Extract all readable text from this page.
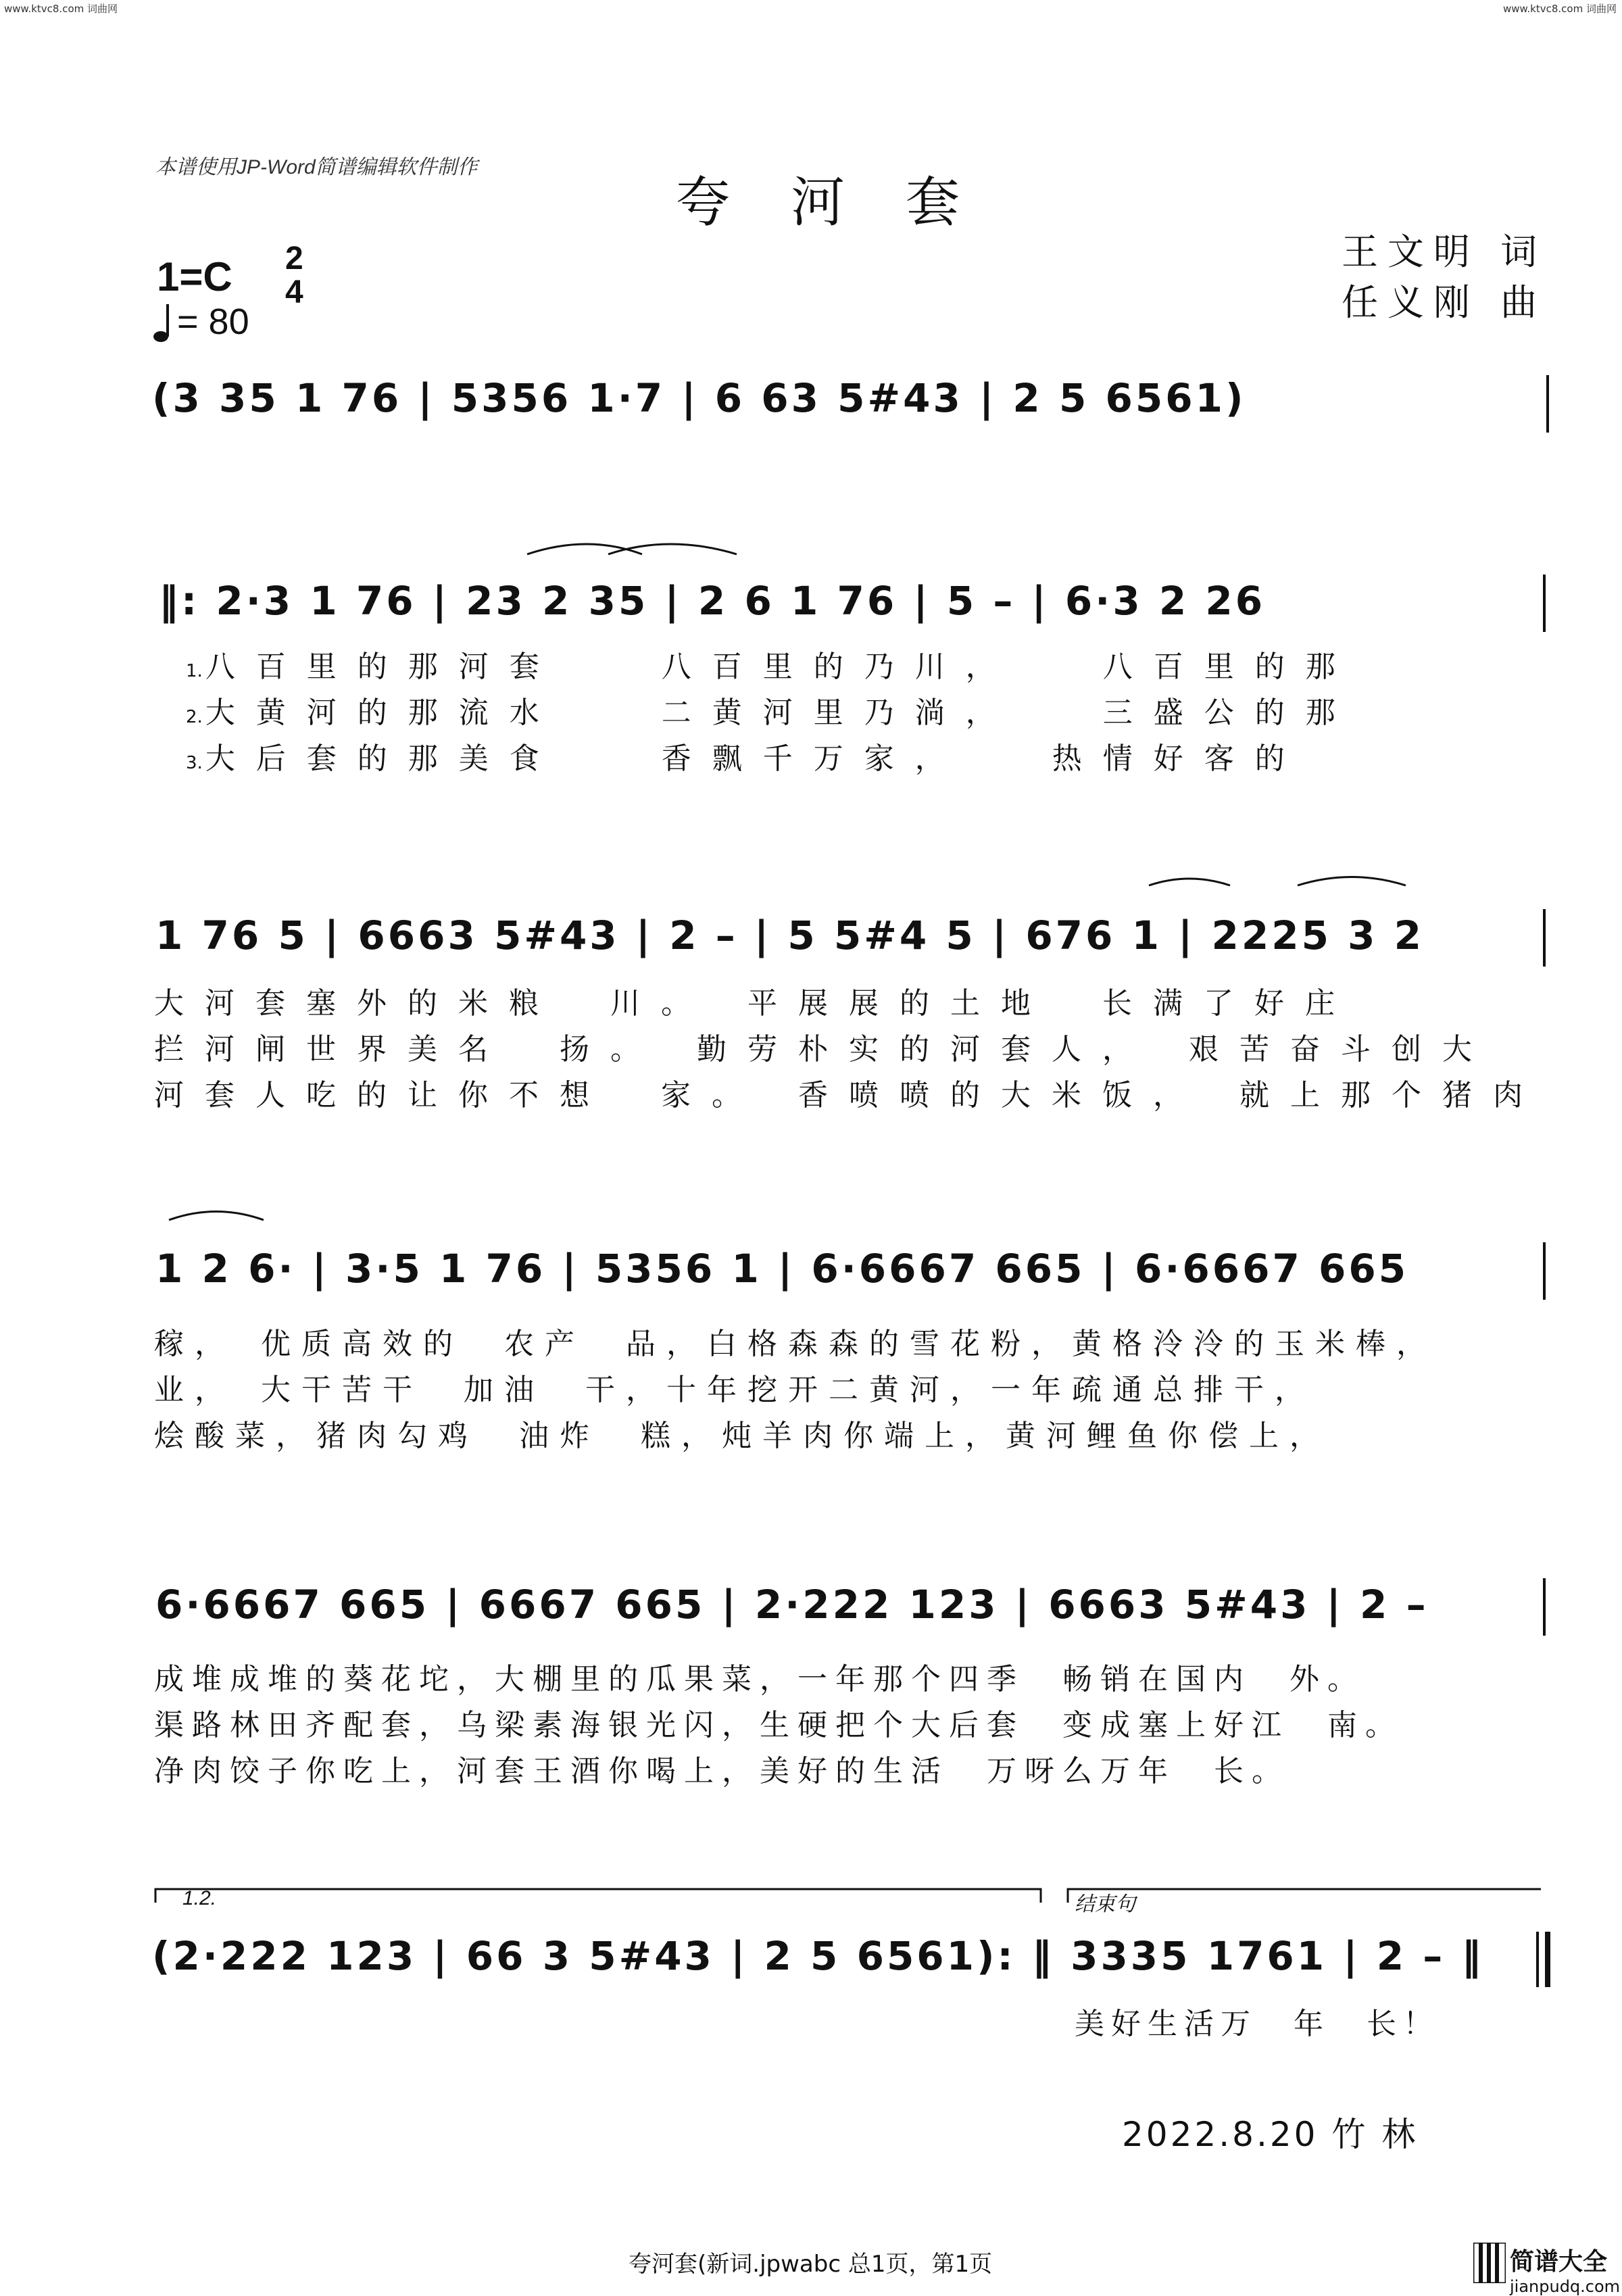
www.ktvc8.com 词曲网	www.ktvc8.com 词曲网
本谱使用JP-Word简谱编辑软件制作
夸河套
王文明 词
任义刚 曲
1=C 2
4
= 80
(3 35 1 76 | 5356 1·7 | 6 63 5#43 | 2 5 6561)
‖: 2·3 1 76 | 23 2 35 | 2 6 1 76 | 5 – | 6·3 2 26
1.八百里的那河套　　八百里的乃川，　　八百里的那
2.大黄河的那流水　　二黄河里乃淌，　　三盛公的那
3.大后套的那美食　　香飘千万家，　　热情好客的
1 76 5 | 6663 5#43 | 2 – | 5 5#4 5 | 676 1 | 2225 3 2
大河套塞外的米粮　川。　平展展的土地　长满了好庄
拦河闸世界美名　扬。　勤劳朴实的河套人，　艰苦奋斗创大
河套人吃的让你不想　家。　香喷喷的大米饭，　就上那个猪肉
1 2 6· | 3·5 1 76 | 5356 1 | 6·6667 665 | 6·6667 665
稼，　优质高效的　农产　品，白格森森的雪花粉，黄格泠泠的玉米棒，
业，　大干苦干　加油　干，十年挖开二黄河，一年疏通总排干，
烩酸菜，猪肉勾鸡　油炸　糕，炖羊肉你端上，黄河鲤鱼你偿上，
6·6667 665 | 6667 665 | 2·222 123 | 6663 5#43 | 2 –
成堆成堆的葵花坨，大棚里的瓜果菜，一年那个四季　畅销在国内　外。
渠路林田齐配套，乌梁素海银光闪，生硬把个大后套　变成塞上好江　南。
净肉饺子你吃上，河套王酒你喝上，美好的生活　万呀么万年　长。
1.2.	结束句
(2·222 123 | 66 3 5#43 | 2 5 6561): ‖ 3335 1761 | 2 – ‖
美好生活万　年　长！
2022.8.20 竹 林
夸河套(新词.jpwabc 总1页，第1页	简谱大全
jianpudq.com
